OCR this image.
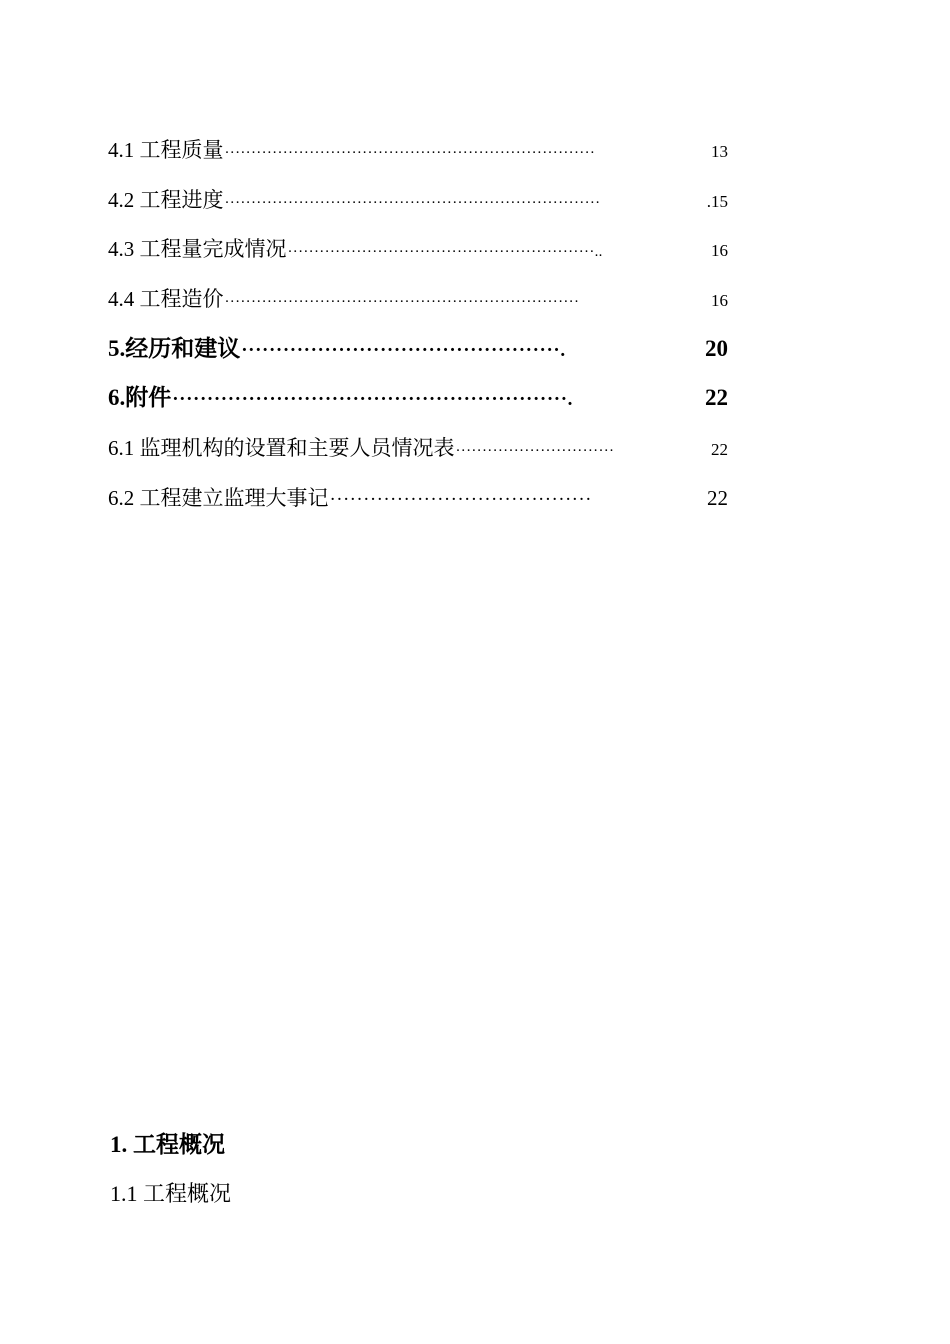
4.1 工程质量 ······································································	13
4.2 工程进度 ·······································································	.15
4.3 工程量完成情况 ··························································..	16
4.4 工程造价 ···································································	16
5.经历和建议 ··············································.	20
6.附件 ·························································.	22
6.1 监理机构的设置和主要人员情况表 ······························	22
6.2 工程建立监理大事记 ·······································	22
1. 工程概况
1.1 工程概况
